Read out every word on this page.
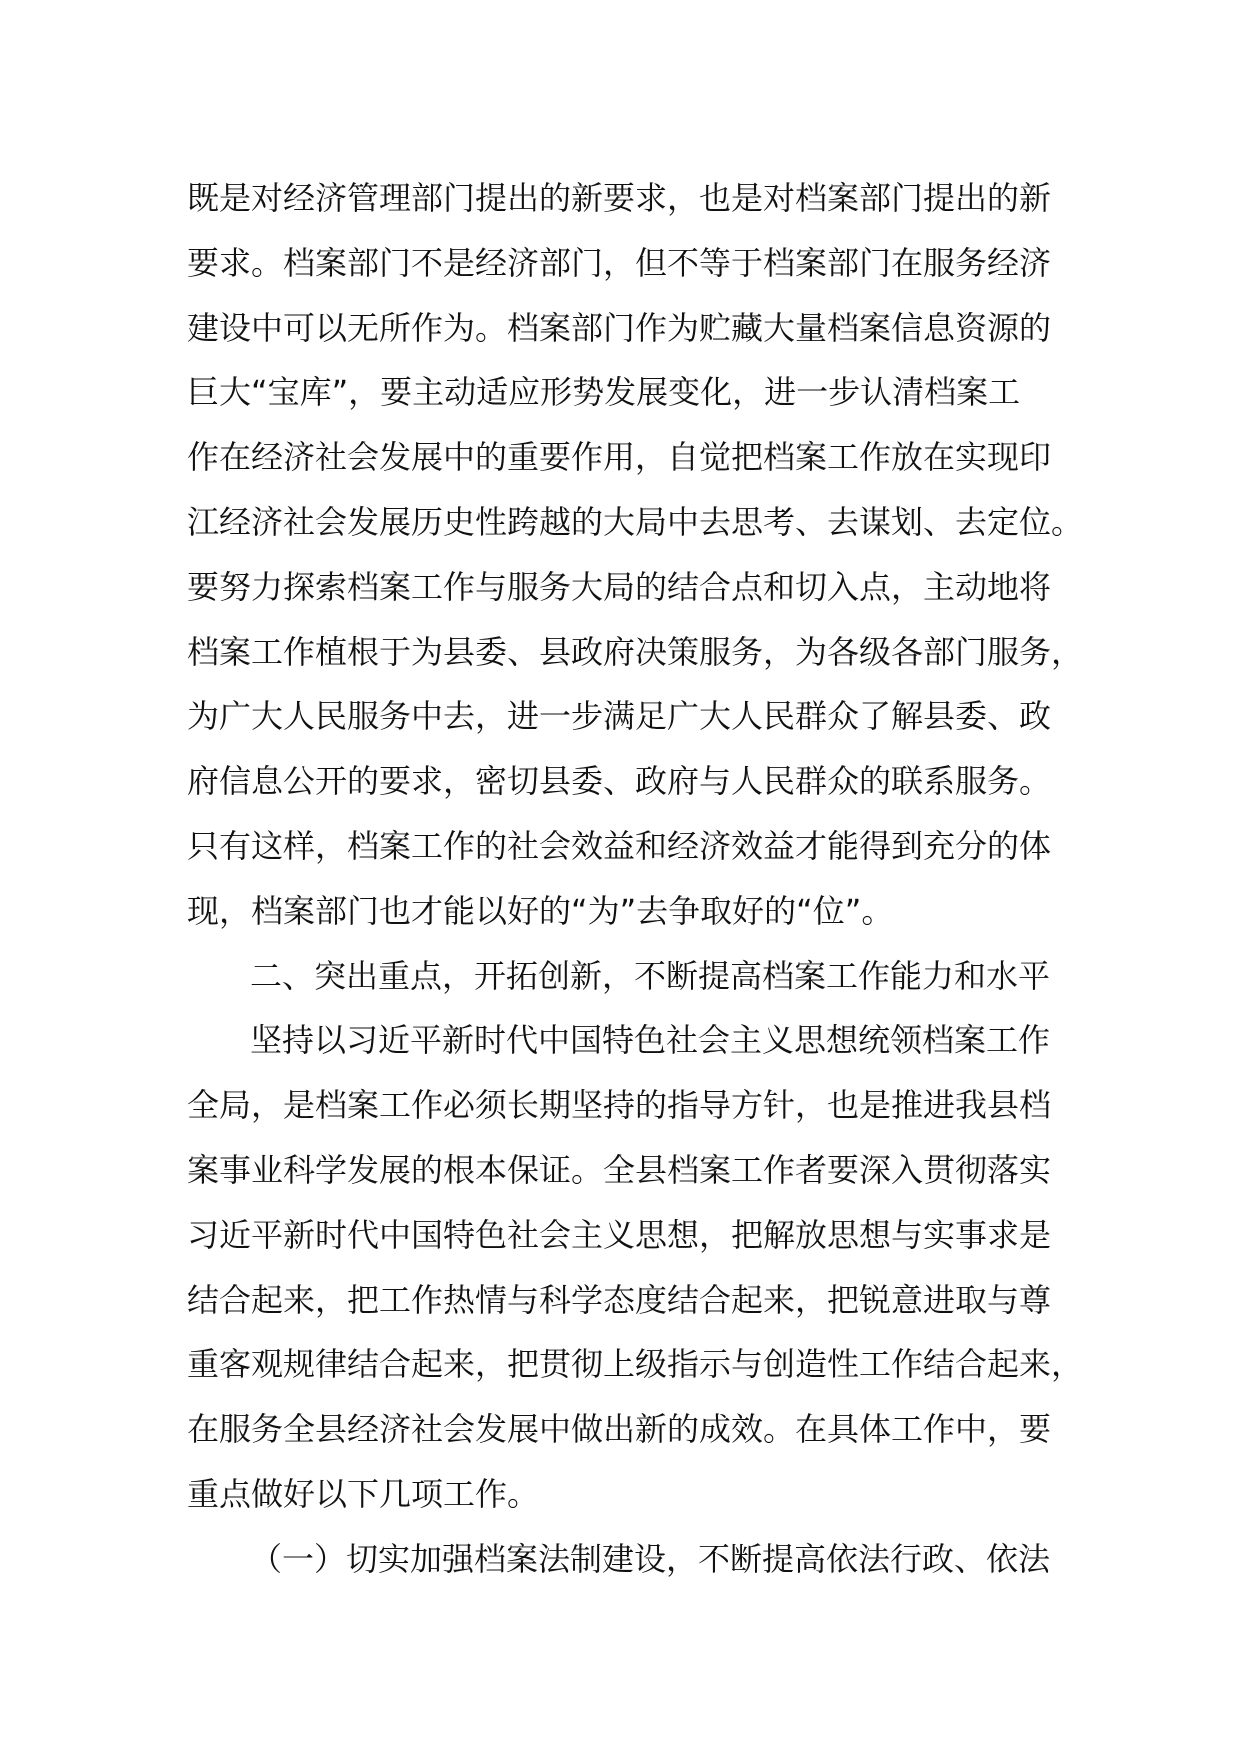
既是对经济管理部门提出的新要求，也是对档案部门提出的新
要求。档案部门不是经济部门，但不等于档案部门在服务经济
建设中可以无所作为。档案部门作为贮藏大量档案信息资源的
巨大“宝库”，要主动适应形势发展变化，进一步认清档案工
作在经济社会发展中的重要作用，自觉把档案工作放在实现印
江经济社会发展历史性跨越的大局中去思考、去谋划、去定位。
要努力探索档案工作与服务大局的结合点和切入点，主动地将
档案工作植根于为县委、县政府决策服务，为各级各部门服务，
为广大人民服务中去，进一步满足广大人民群众了解县委、政
府信息公开的要求，密切县委、政府与人民群众的联系服务。
只有这样，档案工作的社会效益和经济效益才能得到充分的体
现，档案部门也才能以好的“为”去争取好的“位”。
二、突出重点，开拓创新，不断提高档案工作能力和水平
坚持以习近平新时代中国特色社会主义思想统领档案工作
全局，是档案工作必须长期坚持的指导方针，也是推进我县档
案事业科学发展的根本保证。全县档案工作者要深入贯彻落实
习近平新时代中国特色社会主义思想，把解放思想与实事求是
结合起来，把工作热情与科学态度结合起来，把锐意进取与尊
重客观规律结合起来，把贯彻上级指示与创造性工作结合起来，
在服务全县经济社会发展中做出新的成效。在具体工作中，要
重点做好以下几项工作。
（一）切实加强档案法制建设，不断提高依法行政、依法
